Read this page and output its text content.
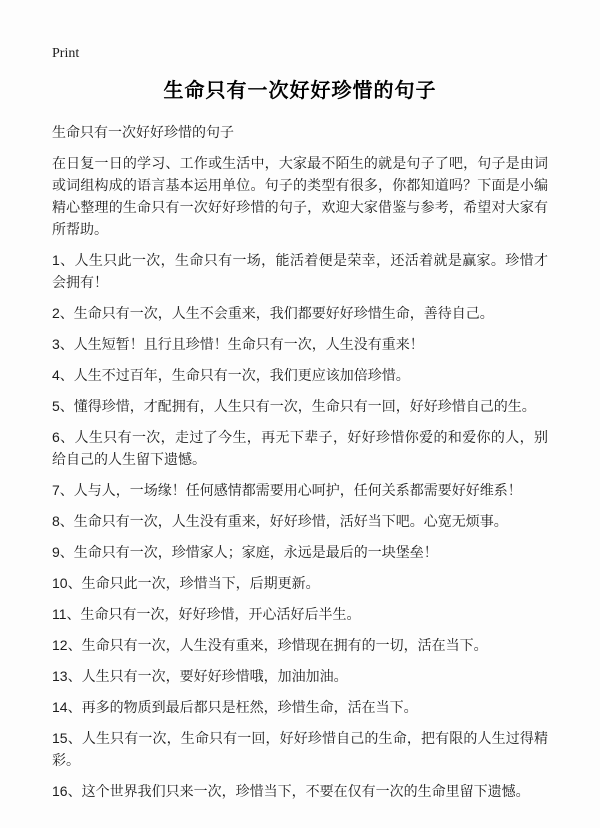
Print
生命只有一次好好珍惜的句子
生命只有一次好好珍惜的句子

在日复一日的学习、工作或生活中，大家最不陌生的就是句子了吧，句子是由词或词组构成的语言基本运用单位。句子的类型有很多，你都知道吗？下面是小编精心整理的生命只有一次好好珍惜的句子，欢迎大家借鉴与参考，希望对大家有所帮助。

1、人生只此一次，生命只有一场，能活着便是荣幸，还活着就是赢家。珍惜才会拥有！

2、生命只有一次，人生不会重来，我们都要好好珍惜生命，善待自己。

3、人生短暂！且行且珍惜！生命只有一次，人生没有重来！

4、人生不过百年，生命只有一次，我们更应该加倍珍惜。

5、懂得珍惜，才配拥有，人生只有一次，生命只有一回，好好珍惜自己的生。

6、人生只有一次，走过了今生，再无下辈子，好好珍惜你爱的和爱你的人，别给自己的人生留下遗憾。

7、人与人，一场缘！任何感情都需要用心呵护，任何关系都需要好好维系！

8、生命只有一次，人生没有重来，好好珍惜，活好当下吧。心宽无烦事。

9、生命只有一次，珍惜家人；家庭，永远是最后的一块堡垒！

10、生命只此一次，珍惜当下，后期更新。

11、生命只有一次，好好珍惜，开心活好后半生。

12、生命只有一次，人生没有重来，珍惜现在拥有的一切，活在当下。

13、人生只有一次，要好好珍惜哦，加油加油。

14、再多的物质到最后都只是枉然，珍惜生命，活在当下。

15、人生只有一次，生命只有一回，好好珍惜自己的生命，把有限的人生过得精彩。

16、这个世界我们只来一次，珍惜当下，不要在仅有一次的生命里留下遗憾。
